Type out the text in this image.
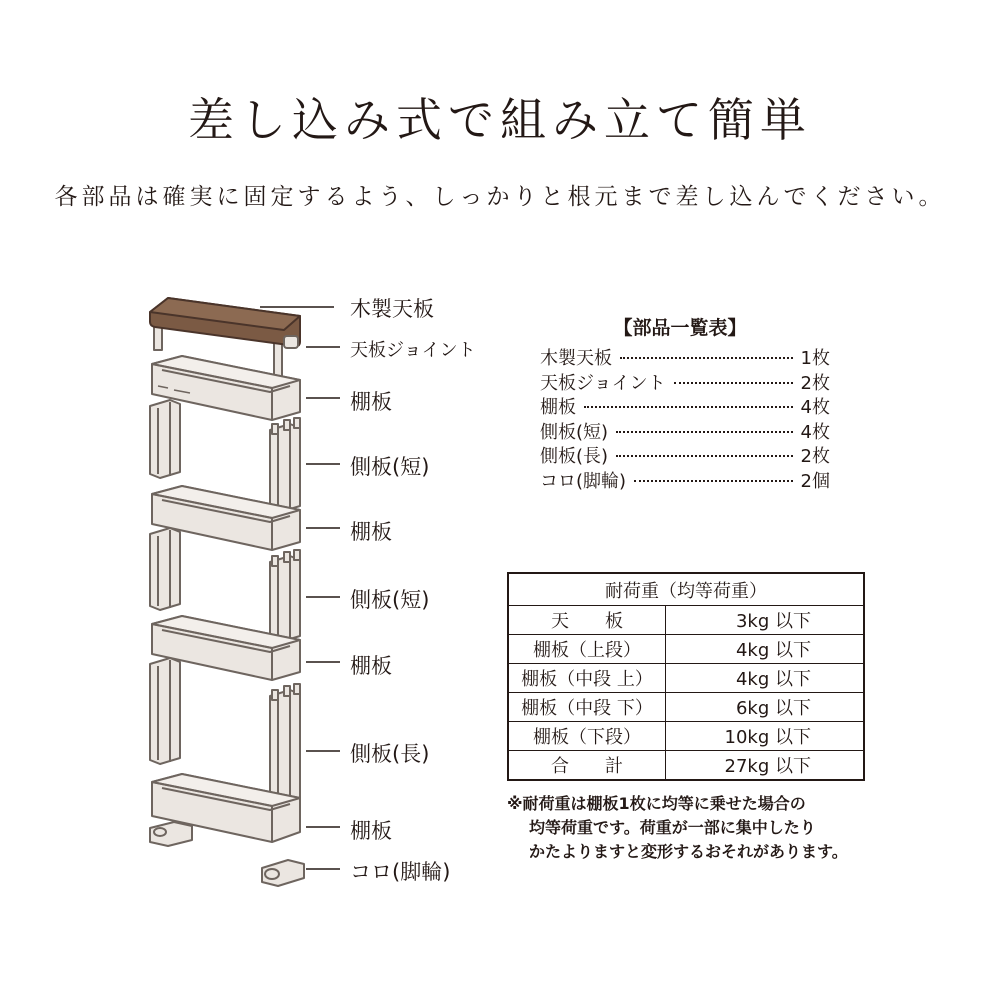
差し込み式で組み立て簡単
各部品は確実に固定するよう、しっかりと根元まで差し込んでください。
木製天板
天板ジョイント
棚板
側板(短)
棚板
側板(短)
棚板
側板(長)
棚板
コロ(脚輪)
【部品一覧表】
木製天板	1枚
天板ジョイント	2枚
棚板	4枚
側板(短)	4枚
側板(長)	2枚
コロ(脚輪)	2個
耐荷重（均等荷重）	
天　　板	3kg 以下
棚板（上段）	4kg 以下
棚板（中段 上）	4kg 以下
棚板（中段 下）	6kg 以下
棚板（下段）	10kg 以下
合　　計	27kg 以下
※耐荷重は棚板1枚に均等に乗せた場合の
均等荷重です。荷重が一部に集中したり
かたよりますと変形するおそれがあります。
